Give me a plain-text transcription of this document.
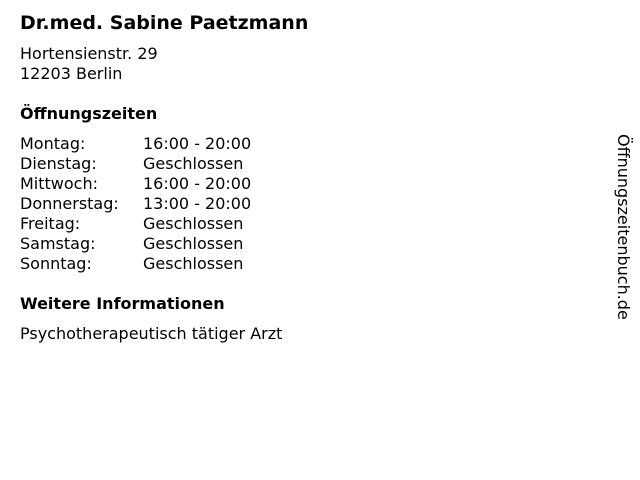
Dr.med. Sabine Paetzmann
Hortensienstr. 29
12203 Berlin
Öffnungszeiten
Montag:	16:00 - 20:00
Dienstag:	Geschlossen
Mittwoch:	16:00 - 20:00
Donnerstag: 13:00 - 20:00
Freitag:	Geschlossen
Samstag:	Geschlossen
Sonntag:	Geschlossen
Weitere Informationen
Psychotherapeutisch tätiger Arzt
Öffnungszeitenbuch.de
